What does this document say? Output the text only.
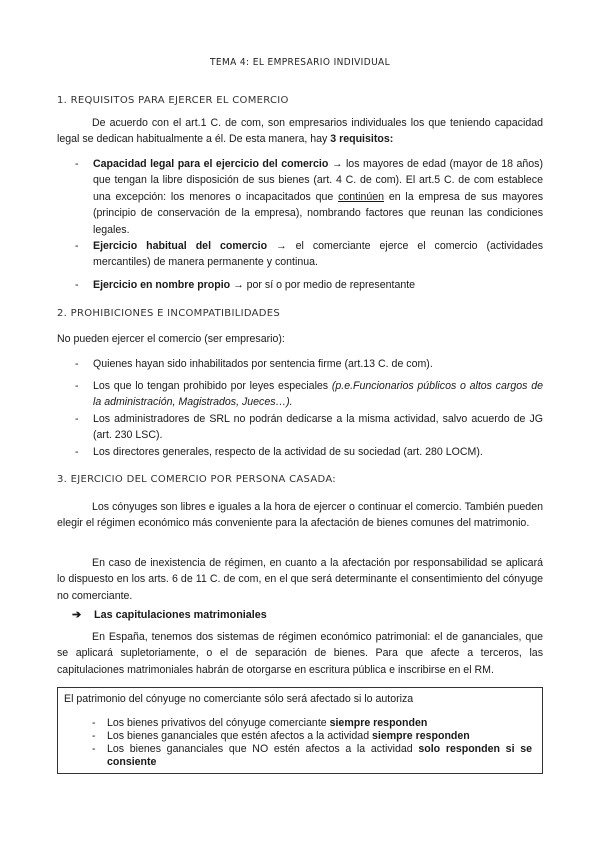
TEMA 4: EL EMPRESARIO INDIVIDUAL
1. REQUISITOS PARA EJERCER EL COMERCIO
De acuerdo con el art.1 C. de com, son empresarios individuales los que teniendo capacidad legal se dedican habitualmente a él. De esta manera, hay 3 requisitos:
- Capacidad legal para el ejercicio del comercio → los mayores de edad (mayor de 18 años) que tengan la libre disposición de sus bienes (art. 4 C. de com). El art.5 C. de com establece una excepción: los menores o incapacitados que continúen en la empresa de sus mayores (principio de conservación de la empresa), nombrando factores que reunan las condiciones legales.
- Ejercicio habitual del comercio → el comerciante ejerce el comercio (actividades mercantiles) de manera permanente y continua.
- Ejercicio en nombre propio → por sí o por medio de representante
2. PROHIBICIONES E INCOMPATIBILIDADES
No pueden ejercer el comercio (ser empresario):
- Quienes hayan sido inhabilitados por sentencia firme (art.13 C. de com).
- Los que lo tengan prohibido por leyes especiales (p.e.Funcionarios públicos o altos cargos de la administración, Magistrados, Jueces…).
- Los administradores de SRL no podrán dedicarse a la misma actividad, salvo acuerdo de JG (art. 230 LSC).
- Los directores generales, respecto de la actividad de su sociedad (art. 280 LOCM).
3. EJERCICIO DEL COMERCIO POR PERSONA CASADA:
Los cónyuges son libres e iguales a la hora de ejercer o continuar el comercio. También pueden elegir el régimen económico más conveniente para la afectación de bienes comunes del matrimonio.
En caso de inexistencia de régimen, en cuanto a la afectación por responsabilidad se aplicará lo dispuesto en los arts. 6 de 11 C. de com, en el que será determinante el consentimiento del cónyuge no comerciante.
➔ Las capitulaciones matrimoniales
En España, tenemos dos sistemas de régimen económico patrimonial: el de gananciales, que se aplicará supletoriamente, o el de separación de bienes. Para que afecte a terceros, las capitulaciones matrimoniales habrán de otorgarse en escritura pública e inscribirse en el RM.
El patrimonio del cónyuge no comerciante sólo será afectado si lo autoriza
- Los bienes privativos del cónyuge comerciante siempre responden
- Los bienes gananciales que estén afectos a la actividad siempre responden
- Los bienes gananciales que NO estén afectos a la actividad solo responden si se consiente
